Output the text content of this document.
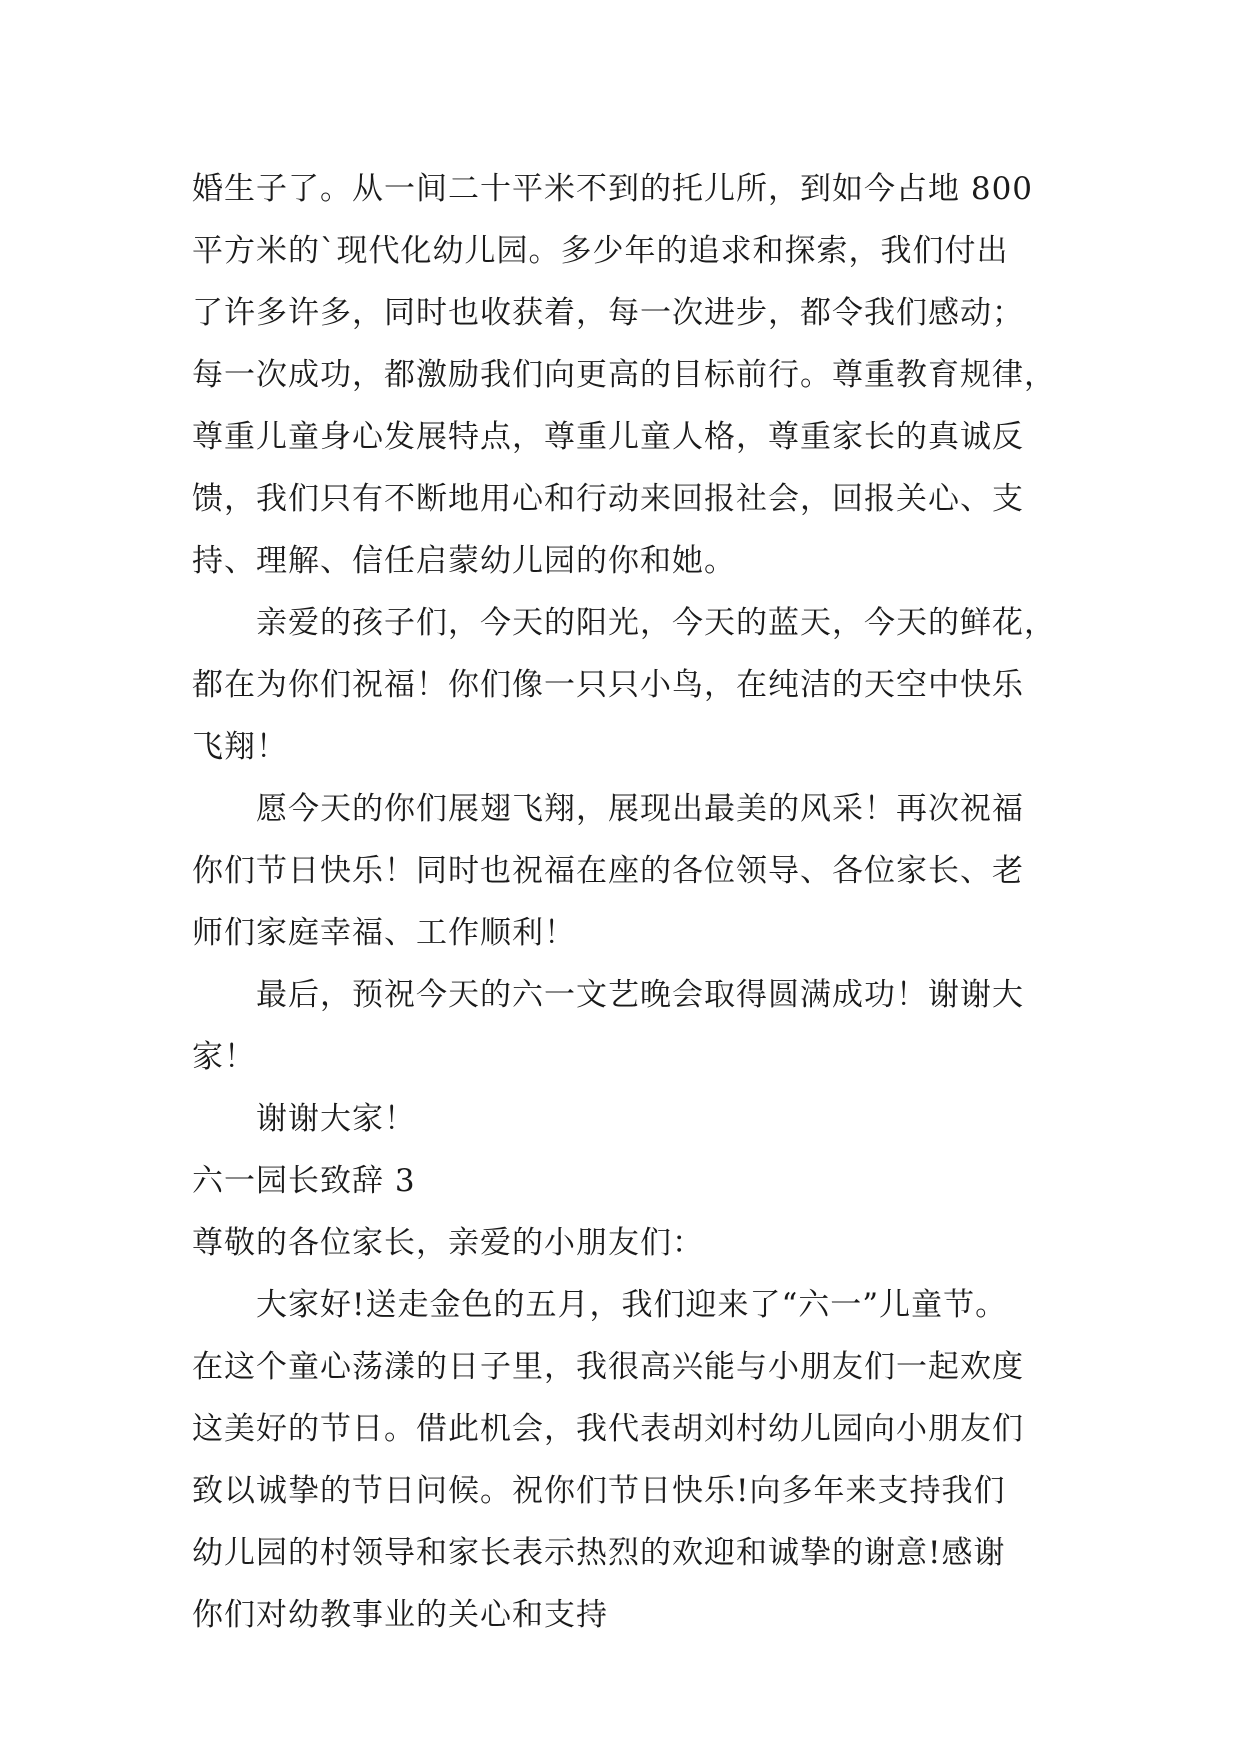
婚生子了。从一间二十平米不到的托儿所，到如今占地 800
平方米的`现代化幼儿园。多少年的追求和探索，我们付出
了许多许多，同时也收获着，每一次进步，都令我们感动；
每一次成功，都激励我们向更高的目标前行。尊重教育规律，
尊重儿童身心发展特点，尊重儿童人格，尊重家长的真诚反
馈，我们只有不断地用心和行动来回报社会，回报关心、支
持、理解、信任启蒙幼儿园的你和她。
亲爱的孩子们，今天的阳光，今天的蓝天，今天的鲜花，
都在为你们祝福！你们像一只只小鸟，在纯洁的天空中快乐
飞翔！
愿今天的你们展翅飞翔，展现出最美的风采！再次祝福
你们节日快乐！同时也祝福在座的各位领导、各位家长、老
师们家庭幸福、工作顺利！
最后，预祝今天的六一文艺晚会取得圆满成功！谢谢大
家！
谢谢大家！
六一园长致辞 3
尊敬的各位家长，亲爱的小朋友们：
大家好!送走金色的五月，我们迎来了“六一”儿童节。
在这个童心荡漾的日子里，我很高兴能与小朋友们一起欢度
这美好的节日。借此机会，我代表胡刘村幼儿园向小朋友们
致以诚挚的节日问候。祝你们节日快乐!向多年来支持我们
幼儿园的村领导和家长表示热烈的欢迎和诚挚的谢意!感谢
你们对幼教事业的关心和支持
